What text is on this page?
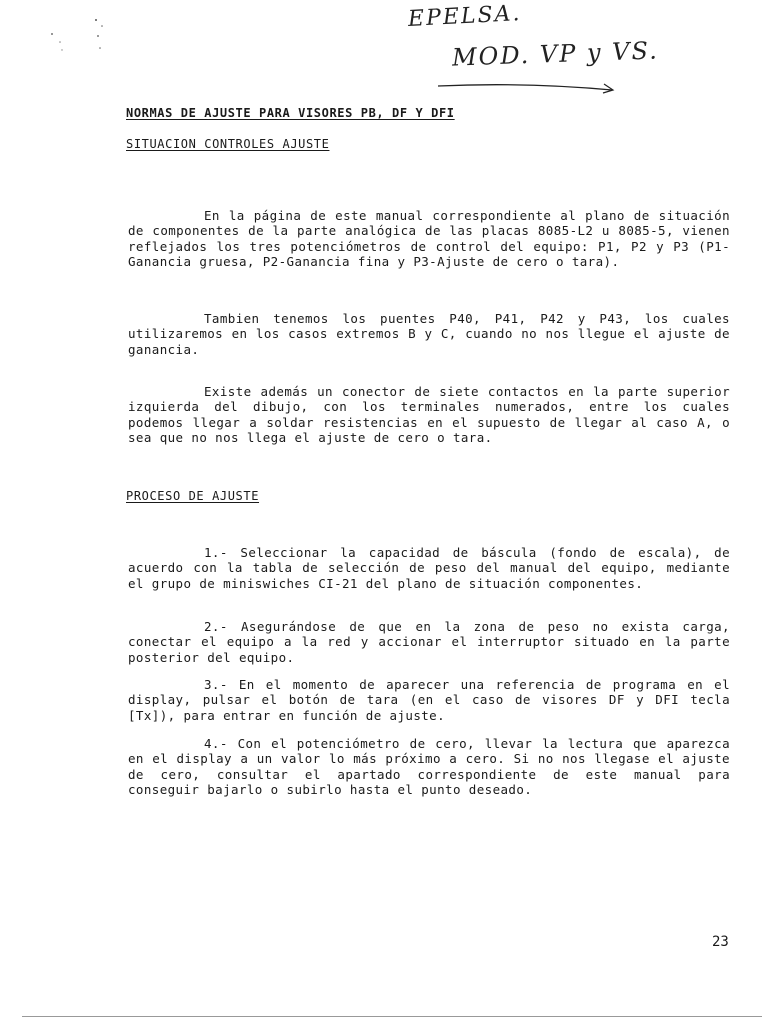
EPELSA.
MOD. VP y VS.
NORMAS DE AJUSTE PARA VISORES PB, DF Y DFI
SITUACION CONTROLES AJUSTE

En la página de este manual correspondiente al plano de situación de componentes de la parte analógica de las placas 8085-L2 u 8085-5, vienen reflejados los tres potenciómetros de control del equipo: P1, P2 y P3 (P1-Ganancia gruesa, P2-Ganancia fina y P3-Ajuste de cero o tara).

Tambien tenemos los puentes P40, P41, P42 y P43, los cuales utilizaremos en los casos extremos B y C, cuando no nos llegue el ajuste de ganancia.

Existe además un conector de siete contactos en la parte superior izquierda del dibujo, con los terminales numerados, entre los cuales podemos llegar a soldar resistencias en el supuesto de llegar al caso A, o sea que no nos llega el ajuste de cero o tara.

PROCESO DE AJUSTE

1.- Seleccionar la capacidad de báscula (fondo de escala), de acuerdo con la tabla de selección de peso del manual del equipo, mediante el grupo de miniswiches CI-21 del plano de situación componentes.

2.- Asegurándose de que en la zona de peso no exista carga, conectar el equipo a la red y accionar el interruptor situado en la parte posterior del equipo.

3.- En el momento de aparecer una referencia de programa en el display, pulsar el botón de tara (en el caso de visores DF y DFI tecla [Tx]), para entrar en función de ajuste.

4.- Con el potenciómetro de cero, llevar la lectura que aparezca en el display a un valor lo más próximo a cero. Si no nos llegase el ajuste de cero, consultar el apartado correspondiente de este manual para conseguir bajarlo o subirlo hasta el punto deseado.

23
